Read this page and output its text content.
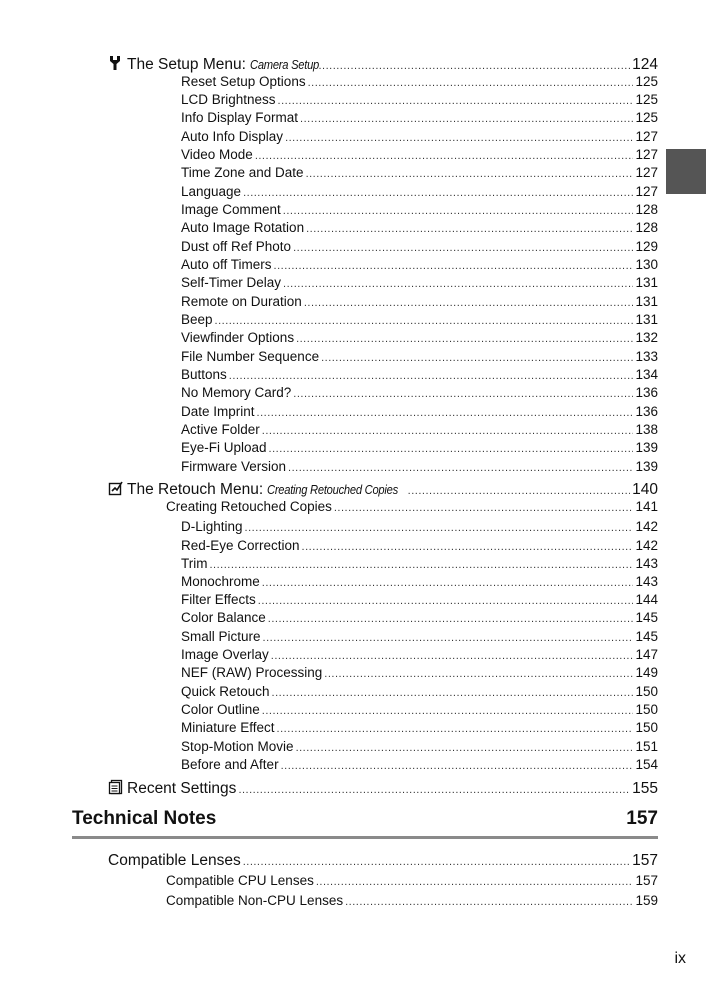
The Setup Menu: Camera Setup .....	124
Reset Setup Options .....	125
LCD Brightness .....	125
Info Display Format .....	125
Auto Info Display .....	127
Video Mode .....	127
Time Zone and Date .....	127
Language .....	127
Image Comment .....	128
Auto Image Rotation .....	128
Dust off Ref Photo .....	129
Auto off Timers .....	130
Self-Timer Delay .....	131
Remote on Duration .....	131
Beep .....	131
Viewfinder Options .....	132
File Number Sequence .....	133
Buttons .....	134
No Memory Card? .....	136
Date Imprint .....	136
Active Folder .....	138
Eye-Fi Upload .....	139
Firmware Version .....	139
The Retouch Menu: Creating Retouched Copies .....	140
Creating Retouched Copies .....	141
D-Lighting .....	142
Red-Eye Correction .....	142
Trim .....	143
Monochrome .....	143
Filter Effects .....	144
Color Balance .....	145
Small Picture .....	145
Image Overlay .....	147
NEF (RAW) Processing .....	149
Quick Retouch .....	150
Color Outline .....	150
Miniature Effect .....	150
Stop-Motion Movie .....	151
Before and After .....	154
Recent Settings .....	155
Technical Notes	157
Compatible Lenses .....	157
Compatible CPU Lenses .....	157
Compatible Non-CPU Lenses .....	159
ix
